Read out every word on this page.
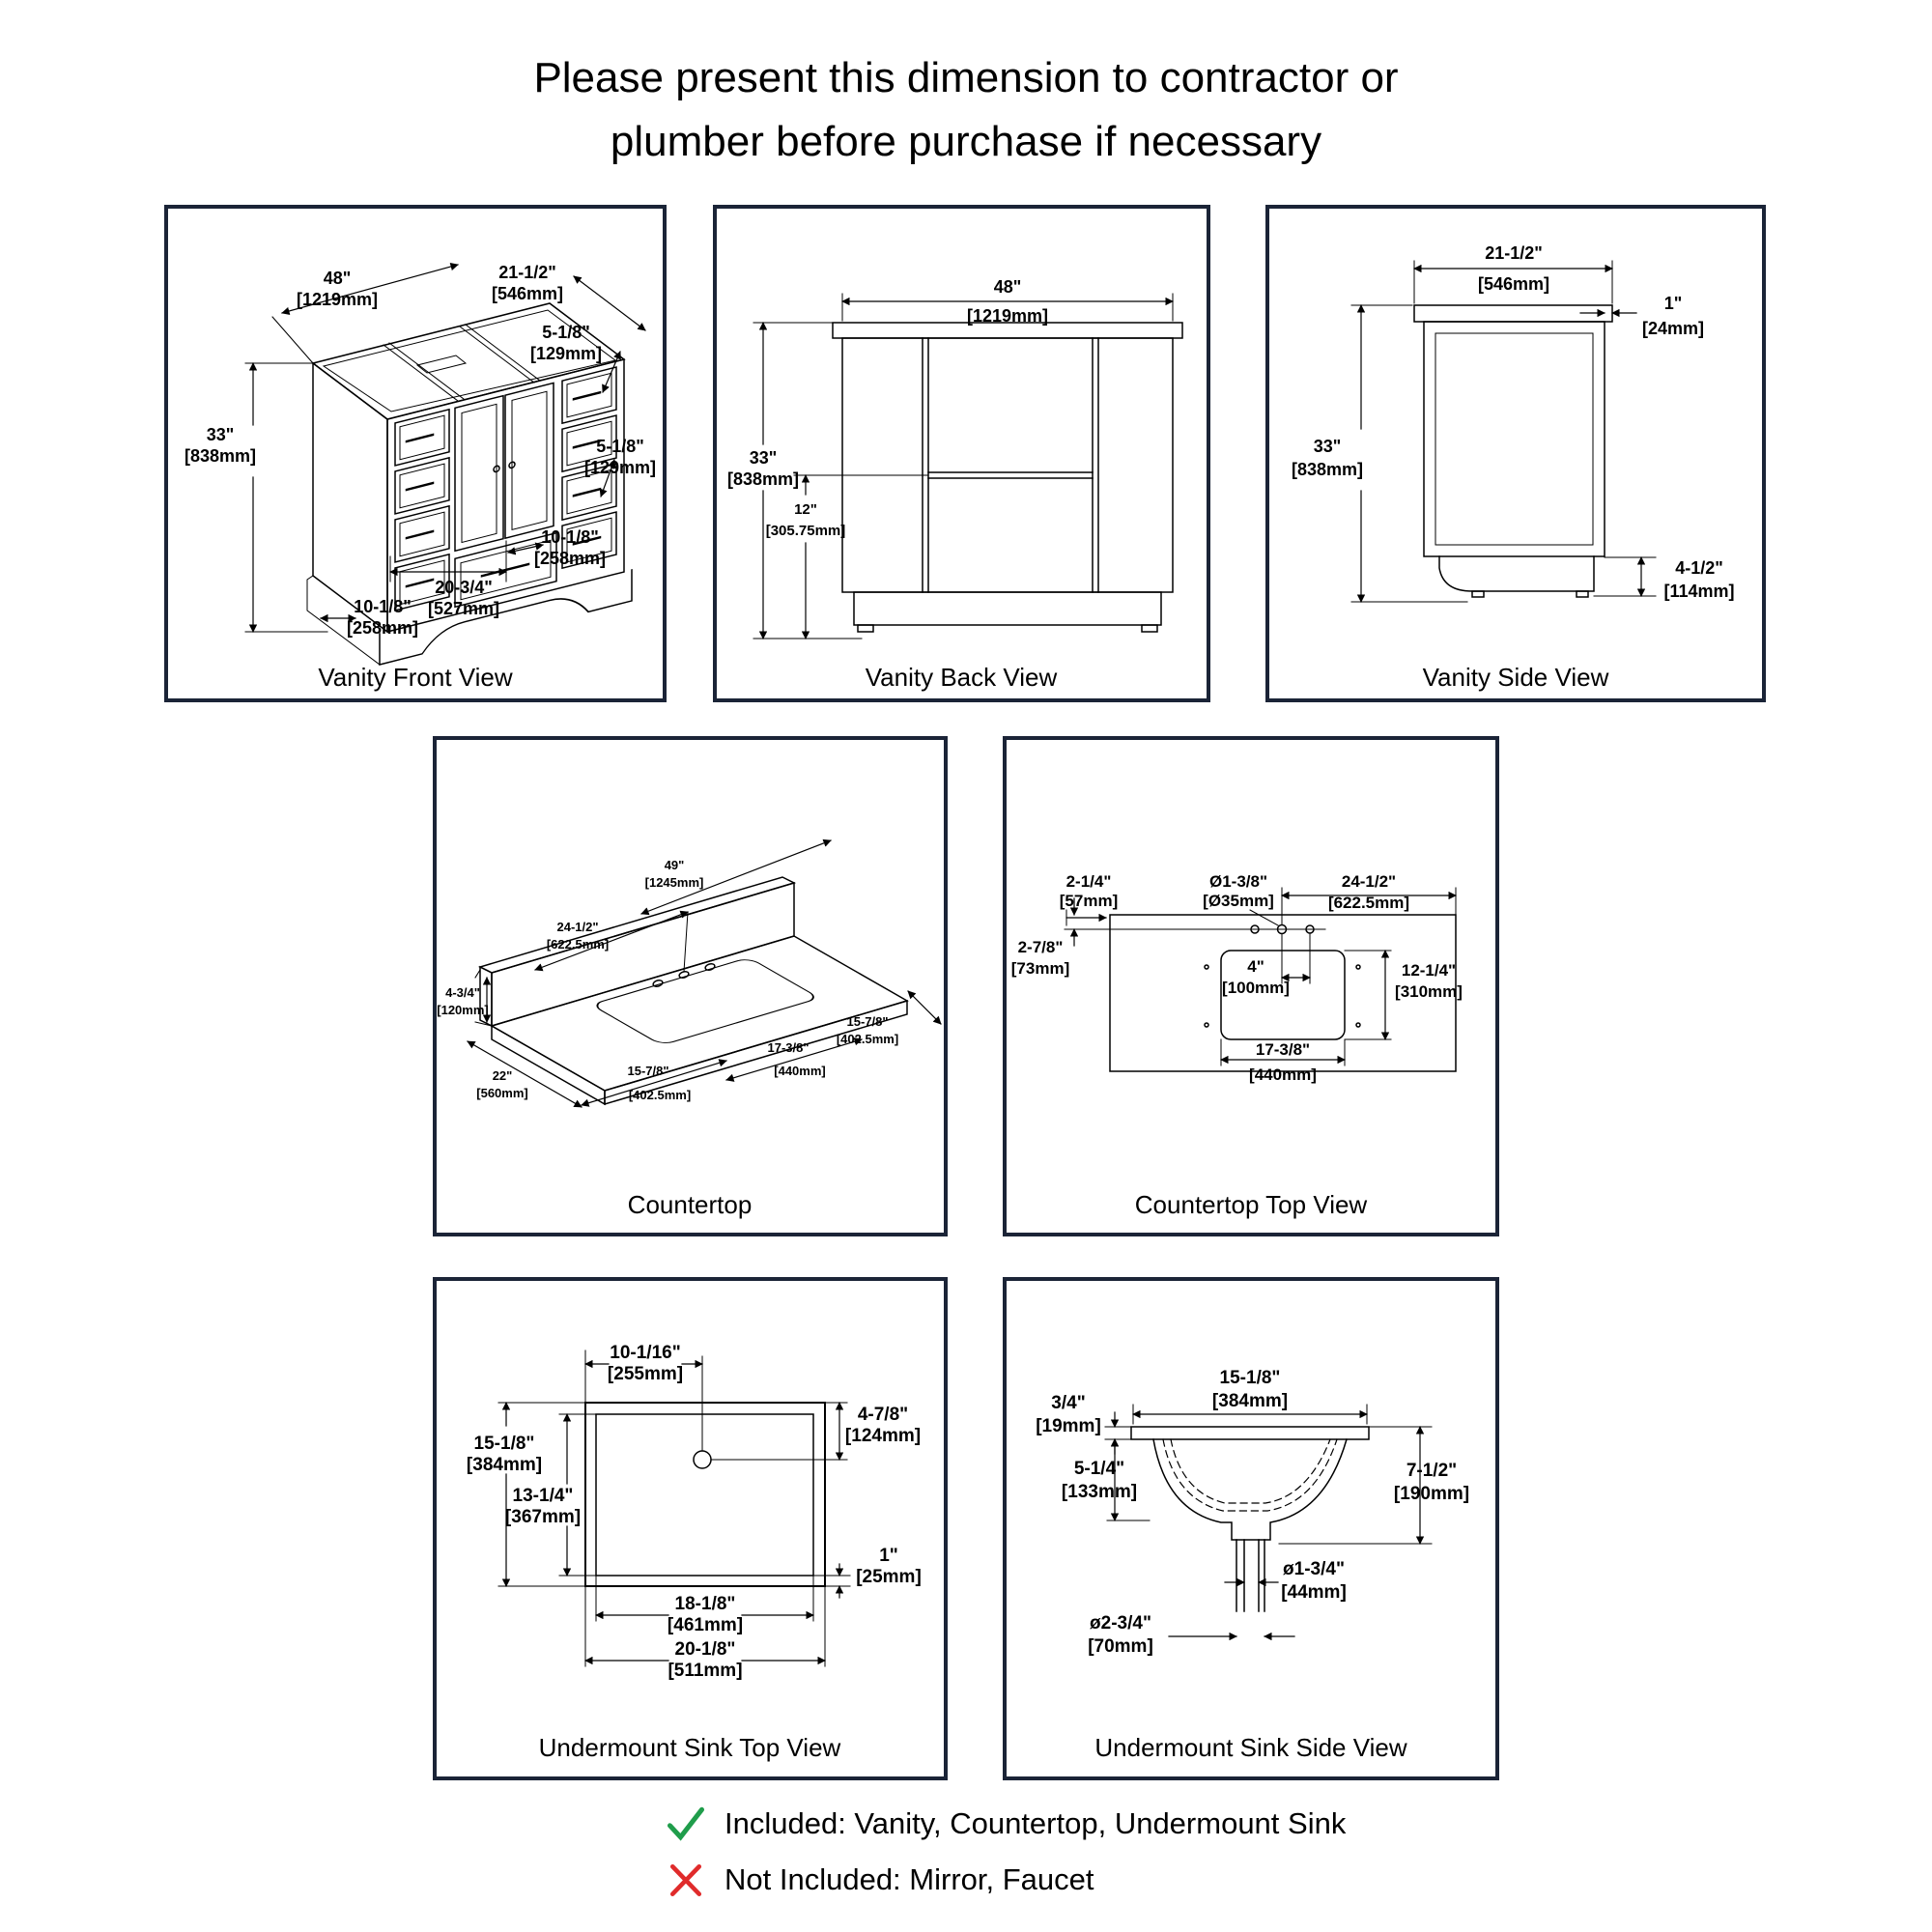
Please present this dimension to contractor or
plumber before purchase if necessary
48"
[1219mm]
21-1/2"
[546mm]
5-1/8"
[129mm]
5-1/8"
[129mm]
33"
[838mm]
20-3/4"
[527mm]
10-1/8"
[258mm]
10-1/8"
[258mm]
Vanity Front View
48"
[1219mm]
33"
[838mm]
12"
[305.75mm]
Vanity Back View
21-1/2"
[546mm]
1"
[24mm]
33"
[838mm]
4-1/2"
[114mm]
Vanity Side View
49"
[1245mm]
24-1/2"
[622.5mm]
4-3/4"
[120mm]
22"
[560mm]
15-7/8"
[402.5mm]
17-3/8"
[440mm]
15-7/8"
[402.5mm]
Countertop
2-1/4"
[57mm]
Ø1-3/8"
[Ø35mm]
24-1/2"
[622.5mm]
2-7/8"
[73mm]	4"
[100mm]
12-1/4"
[310mm]
17-3/8"
[440mm]
Countertop Top View
10-1/16"
[255mm]
15-1/8"
[384mm]
13-1/4"
[367mm]
4-7/8"
[124mm]
1"
[25mm]
18-1/8"
[461mm]
20-1/8"
[511mm]
Undermount Sink Top View
15-1/8"
[384mm]
3/4"
[19mm]
5-1/4"
[133mm]
7-1/2"
[190mm]
ø1-3/4"
[44mm]
ø2-3/4"
[70mm]
Undermount Sink Side View
Included: Vanity, Countertop, Undermount Sink
Not Included: Mirror, Faucet
